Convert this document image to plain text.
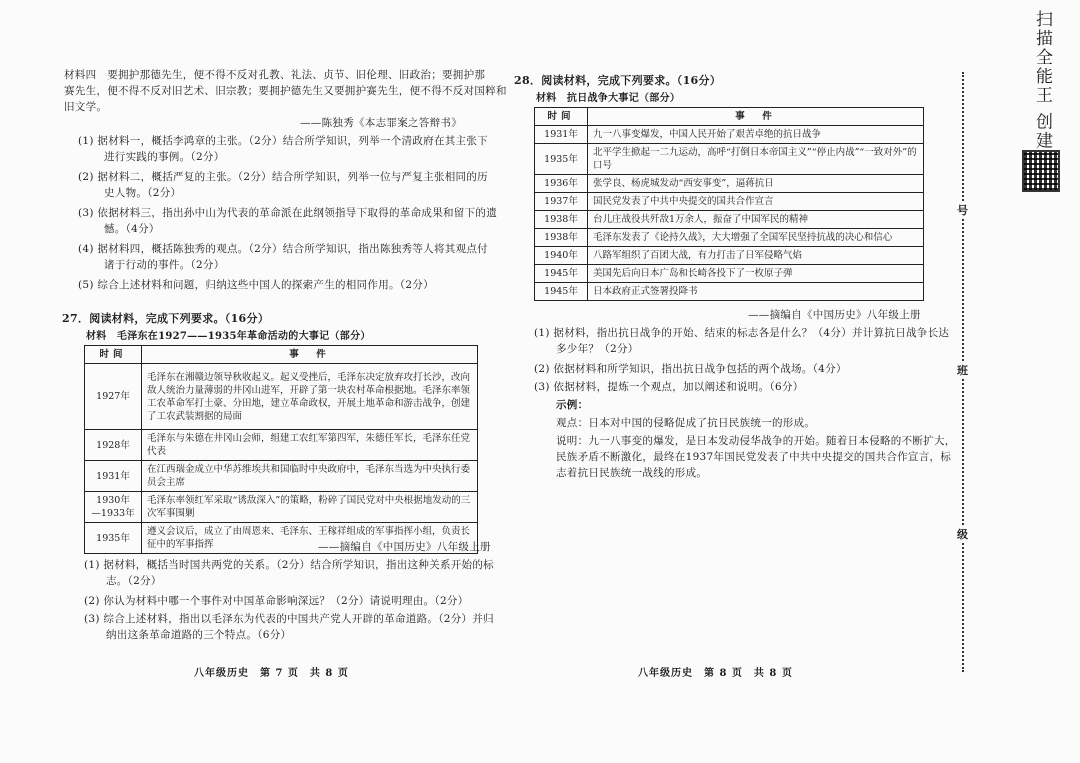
材料四　要拥护那德先生，便不得不反对孔教、礼法、贞节、旧伦理、旧政治；要拥护那
赛先生，便不得不反对旧艺术、旧宗教；要拥护德先生又要拥护赛先生，便不得不反对国粹和
旧文学。
——陈独秀《本志罪案之答辩书》
(1) 据材料一，概括李鸿章的主张。（2分）结合所学知识，列举一个清政府在其主张下
进行实践的事例。（2分）
(2) 据材料二，概括严复的主张。（2分）结合所学知识，列举一位与严复主张相同的历
史人物。（2分）
(3) 依据材料三，指出孙中山为代表的革命派在此纲领指导下取得的革命成果和留下的遗
憾。（4分）
(4) 据材料四，概括陈独秀的观点。（2分）结合所学知识，指出陈独秀等人将其观点付
诸于行动的事件。（2分）
(5) 综合上述材料和问题，归纳这些中国人的探索产生的相同作用。（2分）
27．阅读材料，完成下列要求。（16分）
材料　毛泽东在1927——1935年革命活动的大事记（部分）
时间	事　件
1927年	毛泽东在湘赣边领导秋收起义。起义受挫后，毛泽东决定放弃攻打长沙，改向敌人统治力量薄弱的井冈山进军，开辟了第一块农村革命根据地。毛泽东率领工农革命军打土豪、分田地，建立革命政权，开展土地革命和游击战争，创建了工农武装割据的局面
1928年	毛泽东与朱德在井冈山会师，组建工农红军第四军，朱德任军长，毛泽东任党代表
1931年	在江西瑞金成立中华苏维埃共和国临时中央政府中，毛泽东当选为中央执行委员会主席
1930年
—1933年	毛泽东率领红军采取“诱敌深入”的策略，粉碎了国民党对中央根据地发动的三次军事围剿
1935年	遵义会议后，成立了由周恩来、毛泽东、王稼祥组成的军事指挥小组，负责长征中的军事指挥	——摘编自《中国历史》八年级上册
(1) 据材料，概括当时国共两党的关系。（2分）结合所学知识，指出这种关系开始的标
志。（2分）
(2) 你认为材料中哪一个事件对中国革命影响深远？（2分）请说明理由。（2分）
(3) 综合上述材料，指出以毛泽东为代表的中国共产党人开辟的革命道路。（2分）并归
纳出这条革命道路的三个特点。（6分）
八年级历史　第 7 页　共 8 页
28．阅读材料，完成下列要求。（16分）
材料　抗日战争大事记（部分）
时间	事　件
1931年	九一八事变爆发，中国人民开始了艰苦卓绝的抗日战争
1935年	北平学生掀起一二九运动，高呼“打倒日本帝国主义”“停止内战”“一致对外”的口号
1936年	张学良、杨虎城发动“西安事变”，逼蒋抗日
1937年	国民党发表了中共中央提交的国共合作宣言
1938年	台儿庄战役共歼敌1万余人，振奋了中国军民的精神
1938年	毛泽东发表了《论持久战》，大大增强了全国军民坚持抗战的决心和信心
1940年	八路军组织了百团大战，有力打击了日军侵略气焰
1945年	美国先后向日本广岛和长崎各投下了一枚原子弹
1945年	日本政府正式签署投降书
——摘编自《中国历史》八年级上册
(1) 据材料，指出抗日战争的开始、结束的标志各是什么？（4分）并计算抗日战争长达
多少年？（2分）
(2) 依据材料和所学知识，指出抗日战争包括的两个战场。（4分）
(3) 依据材料，提炼一个观点，加以阐述和说明。（6分）
示例：
观点：日本对中国的侵略促成了抗日民族统一的形成。
说明：九一八事变的爆发，是日本发动侵华战争的开始。随着日本侵略的不断扩大，
民族矛盾不断激化，最终在1937年国民党发表了中共中央提交的国共合作宣言，标
志着抗日民族统一战线的形成。
八年级历史　第 8 页　共 8 页
号
班
级
扫描全能王 创建
